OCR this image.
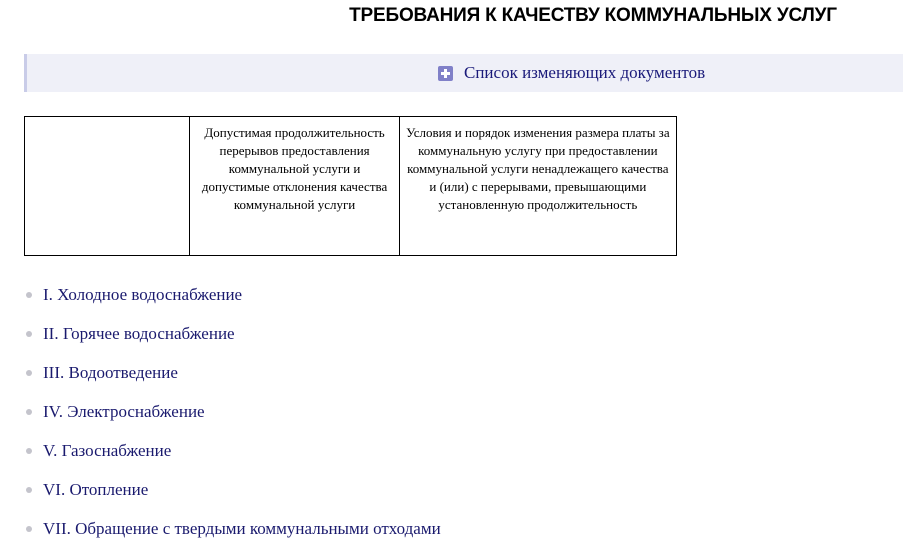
ТРЕБОВАНИЯ К КАЧЕСТВУ КОММУНАЛЬНЫХ УСЛУГ
Список изменяющих документов
	Допустимая продолжительность перерывов предоставления коммунальной услуги и допустимые отклонения качества коммунальной услуги	Условия и порядок изменения размера платы за коммунальную услугу при предоставлении коммунальной услуги ненадлежащего качества и (или) с перерывами, превышающими установленную продолжительность
I. Холодное водоснабжение
II. Горячее водоснабжение
III. Водоотведение
IV. Электроснабжение
V. Газоснабжение
VI. Отопление
VII. Обращение с твердыми коммунальными отходами
